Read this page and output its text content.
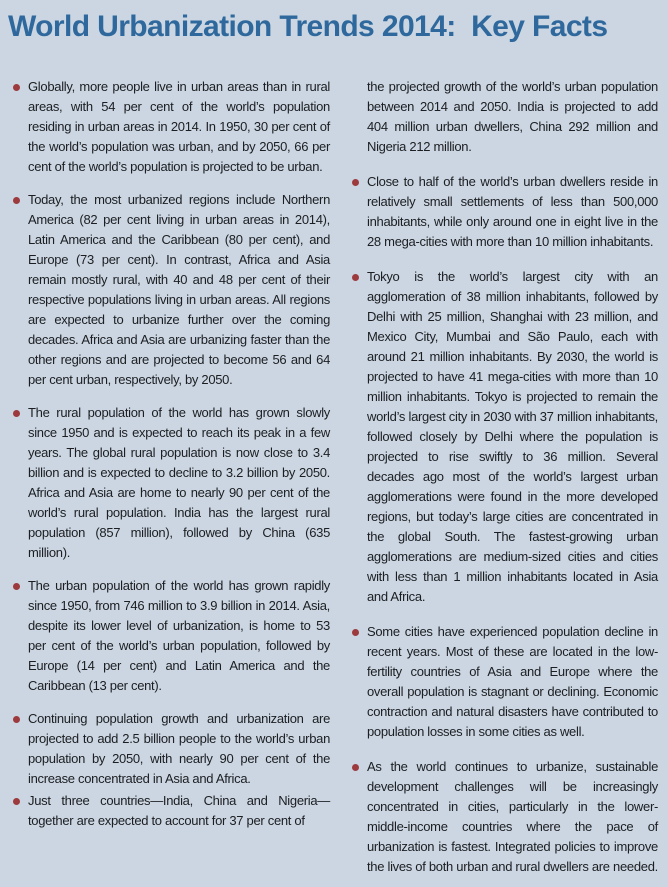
World Urbanization Trends 2014:  Key Facts

Globally, more people live in urban areas than in rural areas, with 54 per cent of the world’s population residing in urban areas in 2014. In 1950, 30 per cent of the world’s population was urban, and by 2050, 66 per cent of the world’s population is projected to be urban.

Today, the most urbanized regions include Northern America (82 per cent living in urban areas in 2014), Latin America and the Caribbean (80 per cent), and Europe (73 per cent). In contrast, Africa and Asia remain mostly rural, with 40 and 48 per cent of their respective populations living in urban areas. All regions are expected to urbanize further over the coming decades. Africa and Asia are urbanizing faster than the other regions and are projected to become 56 and 64 per cent urban, respectively, by 2050.

The rural population of the world has grown slowly since 1950 and is expected to reach its peak in a few years. The global rural population is now close to 3.4 billion and is expected to decline to 3.2 billion by 2050. Africa and Asia are home to nearly 90 per cent of the world’s rural population. India has the largest rural population (857 million), followed by China (635 million).

The urban population of the world has grown rapidly since 1950, from 746 million to 3.9 billion in 2014. Asia, despite its lower level of urbanization, is home to 53 per cent of the world’s urban population, followed by Europe (14 per cent) and Latin America and the Caribbean (13 per cent).

Continuing population growth and urbanization are projected to add 2.5 billion people to the world’s urban population by 2050, with nearly 90 per cent of the increase concentrated in Asia and Africa.

Just three countries—India, China and Nigeria—together are expected to account for 37 per cent of

the projected growth of the world’s urban population between 2014 and 2050. India is projected to add 404 million urban dwellers, China 292 million and Nigeria 212 million.

Close to half of the world’s urban dwellers reside in relatively small settlements of less than 500,000 inhabitants, while only around one in eight live in the 28 mega-cities with more than 10 million inhabitants.

Tokyo is the world’s largest city with an agglomeration of 38 million inhabitants, followed by Delhi with 25 million, Shanghai with 23 million, and Mexico City, Mumbai and São Paulo, each with around 21 million inhabitants. By 2030, the world is projected to have 41 mega-cities with more than 10 million inhabitants. Tokyo is projected to remain the world’s largest city in 2030 with 37 million inhabitants, followed closely by Delhi where the population is projected to rise swiftly to 36 million. Several decades ago most of the world’s largest urban agglomerations were found in the more developed regions, but today’s large cities are concentrated in the global South. The fastest-growing urban agglomerations are medium-sized cities and cities with less than 1 million inhabitants located in Asia and Africa.

Some cities have experienced population decline in recent years. Most of these are located in the low-fertility countries of Asia and Europe where the overall population is stagnant or declining. Economic contraction and natural disasters have contributed to population losses in some cities as well.

As the world continues to urbanize, sustainable development challenges will be increasingly concentrated in cities, particularly in the lower-middle-income countries where the pace of urbanization is fastest. Integrated policies to improve the lives of both urban and rural dwellers are needed.
